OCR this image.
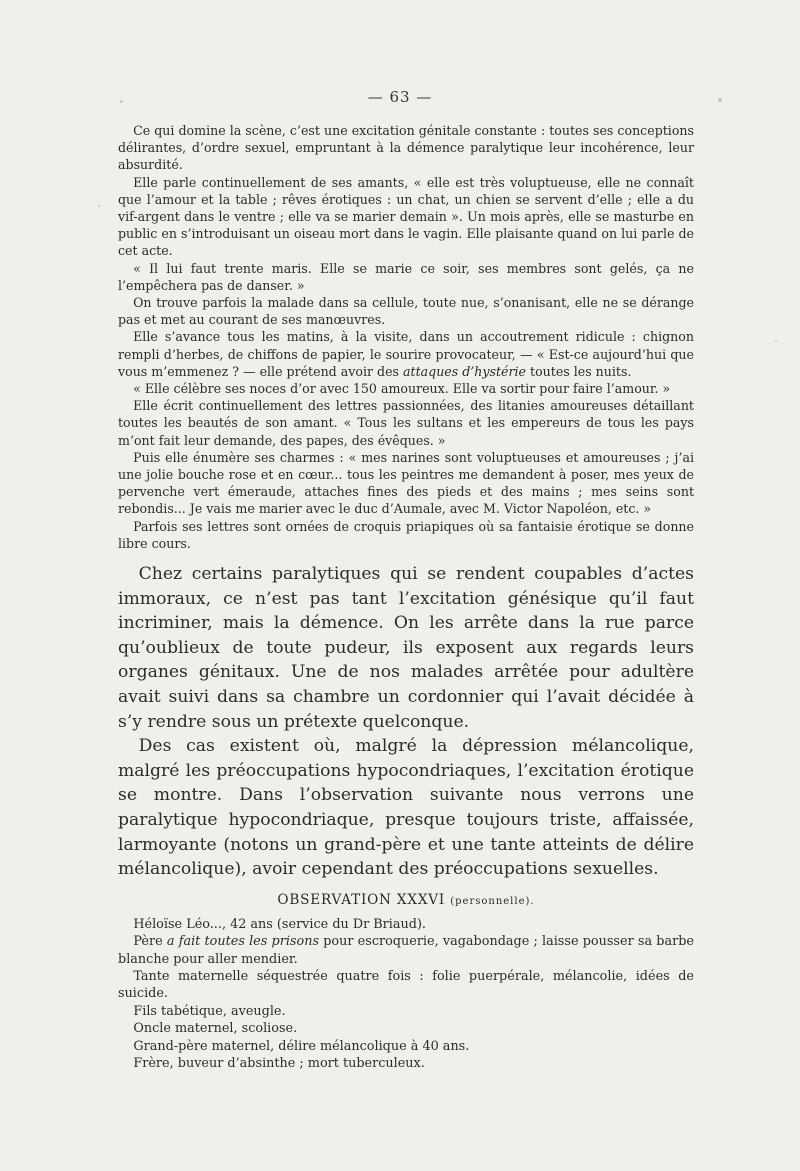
— 63 —

Ce qui domine la scène, c’est une excitation génitale constante : toutes ses conceptions délirantes, d’ordre sexuel, empruntant à la démence paralytique leur incohérence, leur absurdité.

Elle parle continuellement de ses amants, « elle est très voluptueuse, elle ne connaît que l’amour et la table ; rêves érotiques : un chat, un chien se servent d’elle ; elle a du vif-argent dans le ventre ; elle va se marier demain ». Un mois après, elle se masturbe en public en s’introduisant un oiseau mort dans le vagin. Elle plaisante quand on lui parle de cet acte.

« Il lui faut trente maris. Elle se marie ce soir, ses membres sont gelés, ça ne l’empêchera pas de danser. »

On trouve parfois la malade dans sa cellule, toute nue, s’onanisant, elle ne se dérange pas et met au courant de ses manœuvres.

Elle s’avance tous les matins, à la visite, dans un accoutrement ridicule : chignon rempli d’herbes, de chiffons de papier, le sourire provocateur, — « Est-ce aujourd’hui que vous m’emmenez ? — elle prétend avoir des attaques d’hystérie toutes les nuits.

« Elle célèbre ses noces d’or avec 150 amoureux. Elle va sortir pour faire l’amour. »

Elle écrit continuellement des lettres passionnées, des litanies amoureuses détaillant toutes les beautés de son amant. « Tous les sultans et les empereurs de tous les pays m’ont fait leur demande, des papes, des évêques. »

Puis elle énumère ses charmes : « mes narines sont voluptueuses et amoureuses ; j’ai une jolie bouche rose et en cœur... tous les peintres me demandent à poser, mes yeux de pervenche vert émeraude, attaches fines des pieds et des mains ; mes seins sont rebondis... Je vais me marier avec le duc d’Aumale, avec M. Victor Napoléon, etc. »

Parfois ses lettres sont ornées de croquis priapiques où sa fantaisie érotique se donne libre cours.

Chez certains paralytiques qui se rendent coupables d’actes immoraux, ce n’est pas tant l’excitation génésique qu’il faut incriminer, mais la démence. On les arrête dans la rue parce qu’oublieux de toute pudeur, ils exposent aux regards leurs organes génitaux. Une de nos malades arrêtée pour adultère avait suivi dans sa chambre un cordonnier qui l’avait décidée à s’y rendre sous un prétexte quelconque.

Des cas existent où, malgré la dépression mélancolique, malgré les préoccupations hypocondriaques, l’excitation érotique se montre. Dans l’observation suivante nous verrons une paralytique hypocondriaque, presque toujours triste, affaissée, larmoyante (notons un grand-père et une tante atteints de délire mélancolique), avoir cependant des préoccupations sexuelles.

OBSERVATION XXXVI (personnelle).

Héloïse Léo..., 42 ans (service du Dr Briaud).

Père a fait toutes les prisons pour escroquerie, vagabondage ; laisse pousser sa barbe blanche pour aller mendier.

Tante maternelle séquestrée quatre fois : folie puerpérale, mélancolie, idées de suicide.

Fils tabétique, aveugle.

Oncle maternel, scoliose.

Grand-père maternel, délire mélancolique à 40 ans.

Frère, buveur d’absinthe ; mort tuberculeux.
